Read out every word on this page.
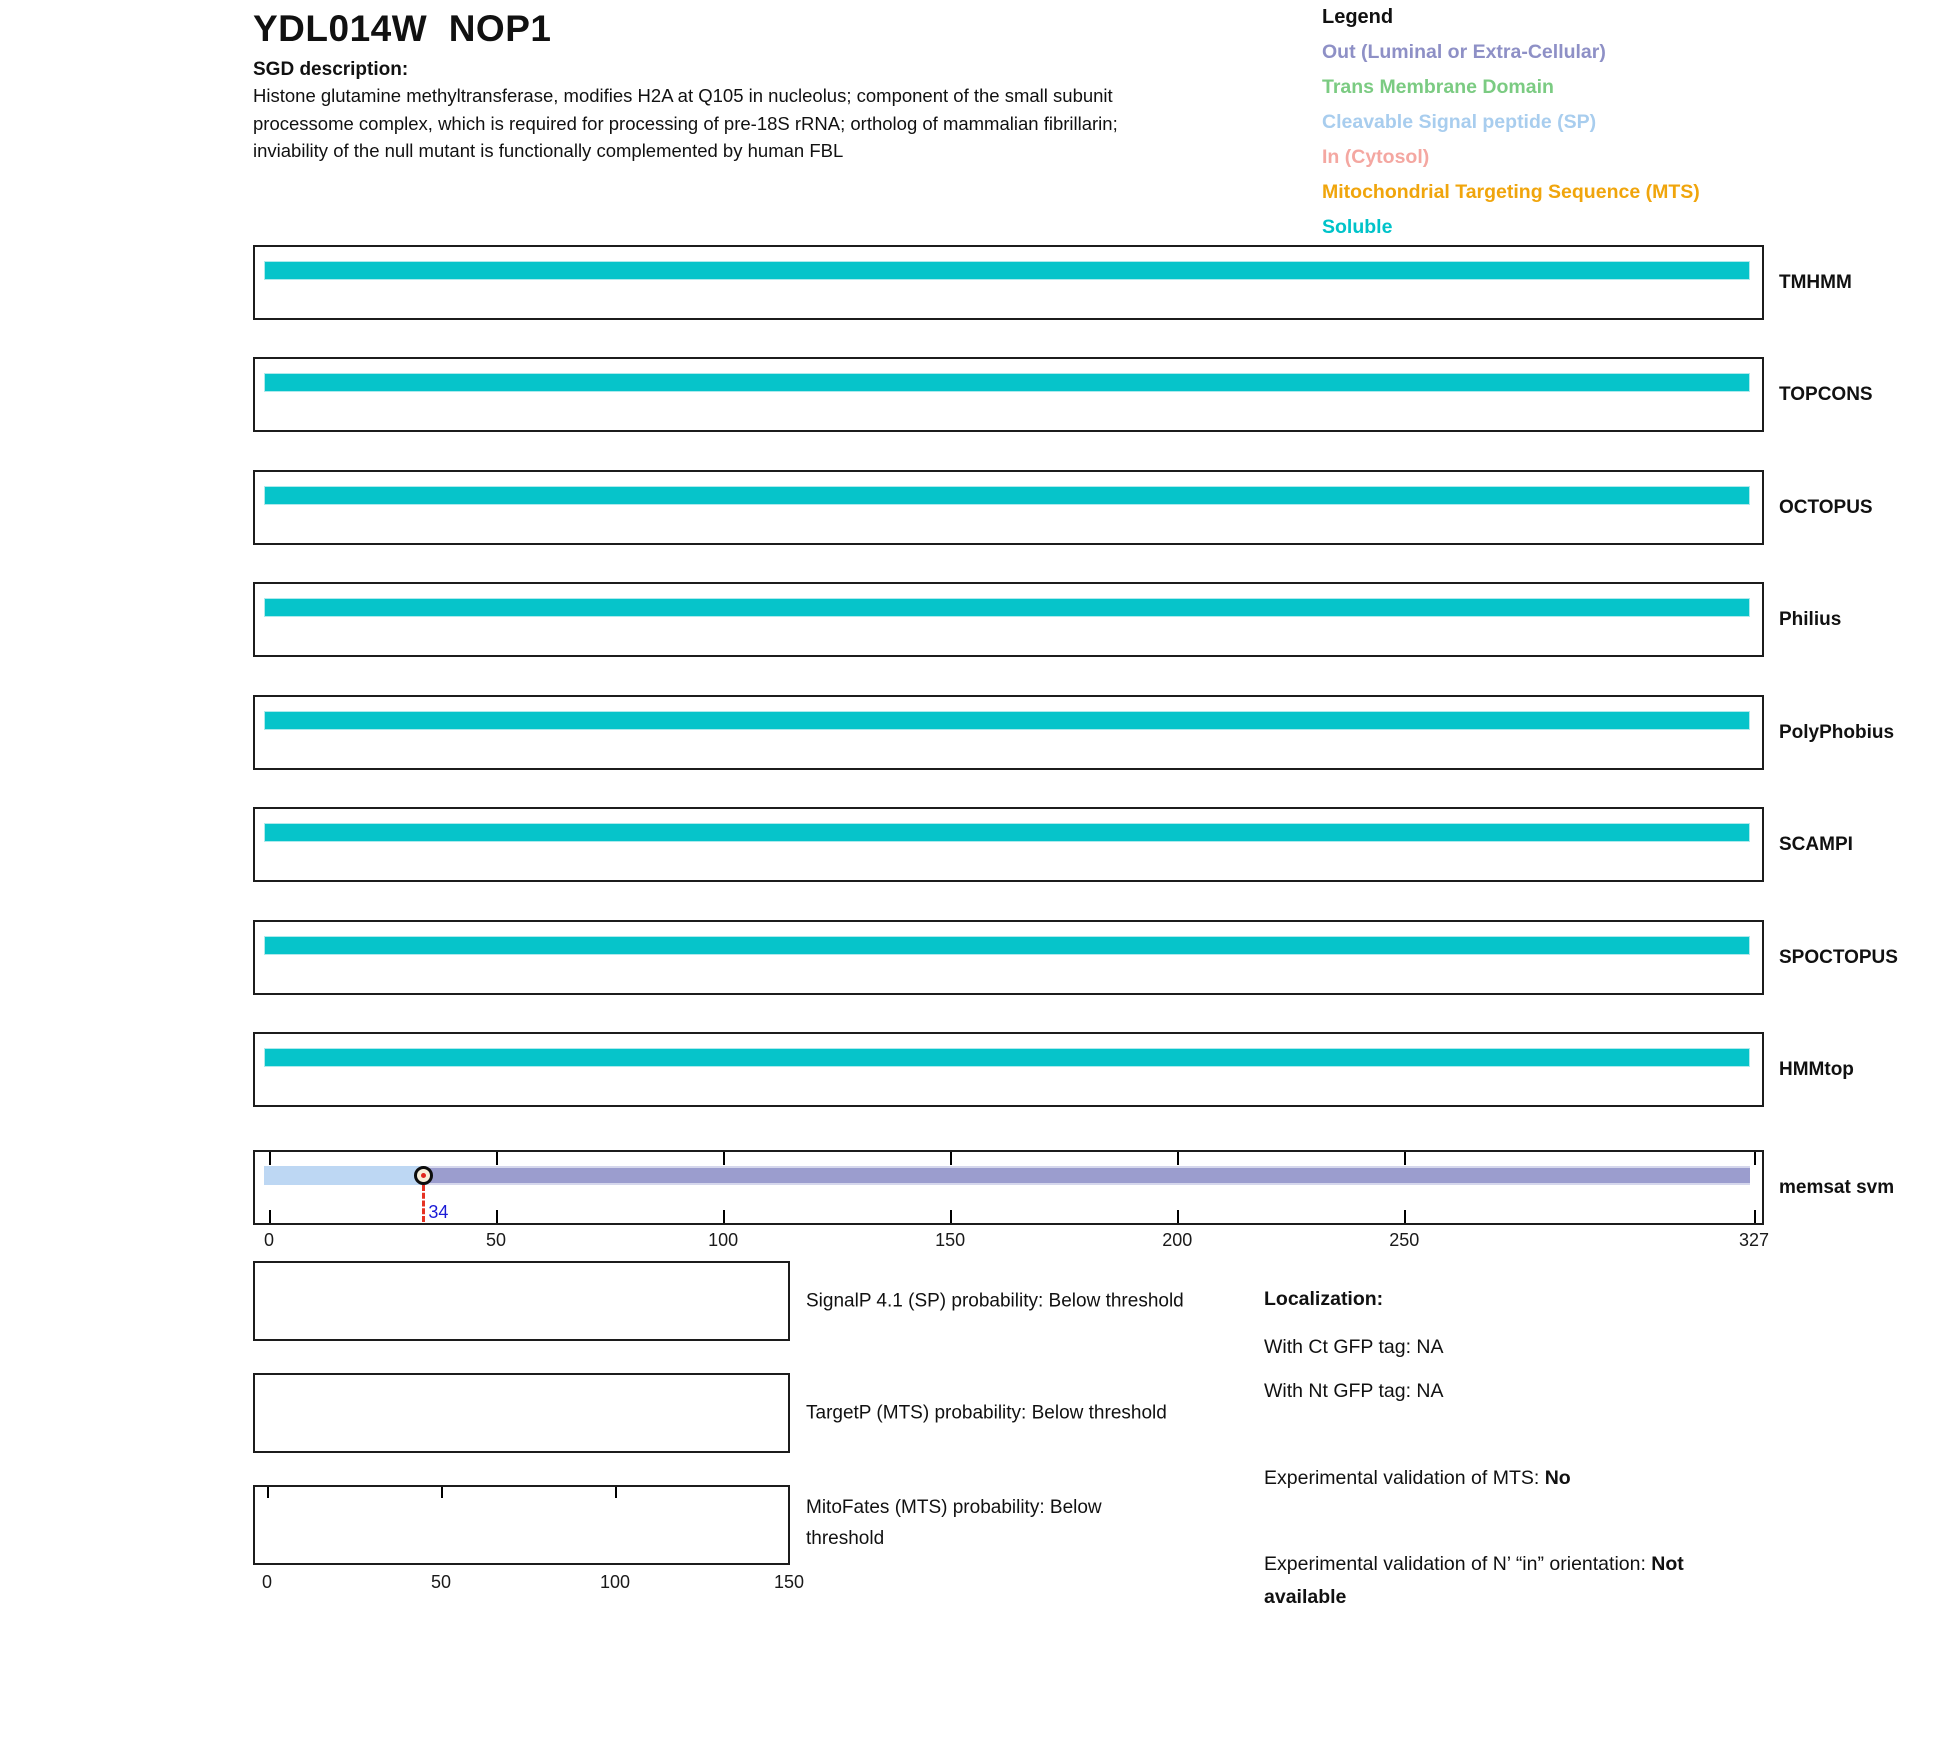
YDL014W  NOP1
SGD description:
Histone glutamine methyltransferase, modifies H2A at Q105 in nucleolus; component of the small subunit
processome complex, which is required for processing of pre-18S rRNA; ortholog of mammalian fibrillarin;
inviability of the null mutant is functionally complemented by human FBL
Legend
Out (Luminal or Extra-Cellular)
Trans Membrane Domain
Cleavable Signal peptide (SP)
In (Cytosol)
Mitochondrial Targeting Sequence (MTS)
Soluble
TMHMM
TOPCONS
OCTOPUS
Philius
PolyPhobius
SCAMPI
SPOCTOPUS
HMMtop
memsat svm
0	50	100	150	200	250	327
34
SignalP 4.1 (SP) probability: Below threshold
TargetP (MTS) probability: Below threshold
0	50	100	150
MitoFates (MTS) probability: Below threshold
Localization:
With Ct GFP tag: NA
With Nt GFP tag: NA
Experimental validation of MTS: No
Experimental validation of N’ “in” orientation: Not available
